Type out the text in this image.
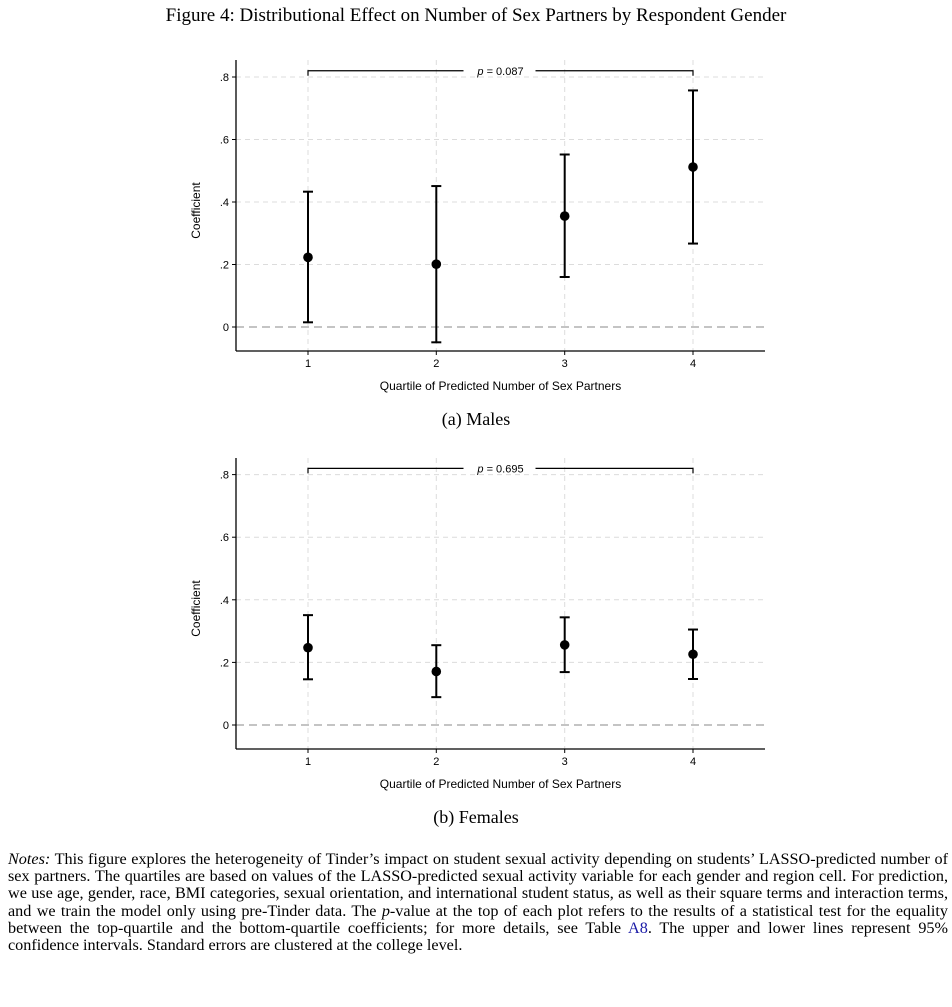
Figure 4: Distributional Effect on Number of Sex Partners by Respondent Gender
0
.2
.4
.6
.8
1	2	3	4
Quartile of Predicted Number of Sex Partners
Coefficient
p = 0.087
(a) Males
0
.2
.4
.6
.8
1	2	3	4
Quartile of Predicted Number of Sex Partners
Coefficient
p = 0.695
(b) Females
Notes: This figure explores the heterogeneity of Tinder’s impact on student sexual activity depending on students’ LASSO-predicted number of sex partners. The quartiles are based on values of the LASSO-predicted sexual activity variable for each gender and region cell. For prediction, we use age, gender, race, BMI categories, sexual orientation, and international student status, as well as their square terms and interaction terms, and we train the model only using pre-Tinder data. The p-value at the top of each plot refers to the results of a statistical test for the equality between the top-quartile and the bottom-quartile coefficients; for more details, see Table A8. The upper and lower lines represent 95% confidence intervals. Standard errors are clustered at the college level.
